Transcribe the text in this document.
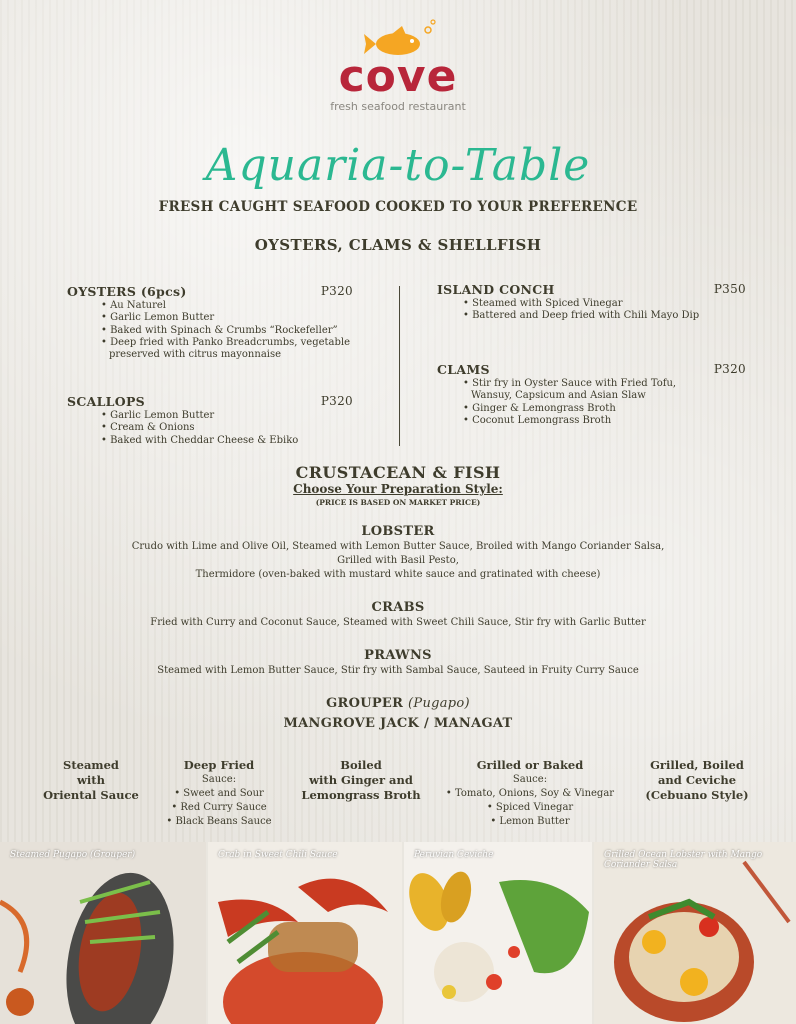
cove
fresh seafood restaurant
Aquaria-to-Table
FRESH CAUGHT SEAFOOD COOKED TO YOUR PREFERENCE
OYSTERS, CLAMS & SHELLFISH
OYSTERS (6pcs)	P320
• Au Naturel
• Garlic Lemon Butter
• Baked with Spinach & Crumbs “Rockefeller”
• Deep fried with Panko Breadcrumbs, vegetable preserved with citrus mayonnaise
SCALLOPS	P320
• Garlic Lemon Butter
• Cream & Onions
• Baked with Cheddar Cheese & Ebiko
ISLAND CONCH	P350
• Steamed with Spiced Vinegar
• Battered and Deep fried with Chili Mayo Dip
CLAMS	P320
• Stir fry in Oyster Sauce with Fried Tofu, Wansuy, Capsicum and Asian Slaw
• Ginger & Lemongrass Broth
• Coconut Lemongrass Broth
CRUSTACEAN & FISH
Choose Your Preparation Style:
(PRICE IS BASED ON MARKET PRICE)
LOBSTER
Crudo with Lime and Olive Oil, Steamed with Lemon Butter Sauce, Broiled with Mango Coriander Salsa,
Grilled with Basil Pesto,
Thermidore (oven-baked with mustard white sauce and gratinated with cheese)
CRABS
Fried with Curry and Coconut Sauce, Steamed with Sweet Chili Sauce, Stir fry with Garlic Butter
PRAWNS
Steamed with Lemon Butter Sauce, Stir fry with Sambal Sauce, Sauteed in Fruity Curry Sauce
GROUPER (Pugapo)
MANGROVE JACK / MANAGAT
Steamed
with
Oriental Sauce
Deep Fried
Sauce:
• Sweet and Sour
• Red Curry Sauce
• Black Beans Sauce
Boiled
with Ginger and
Lemongrass Broth
Grilled or Baked
Sauce:
• Tomato, Onions, Soy & Vinegar
• Spiced Vinegar
• Lemon Butter
Grilled, Boiled
and Ceviche
(Cebuano Style)
Steamed Pugapo (Grouper)	Crab in Sweet Chili Sauce	Peruvian Ceviche	Grilled Ocean Lobster with Mango Coriander Salsa
